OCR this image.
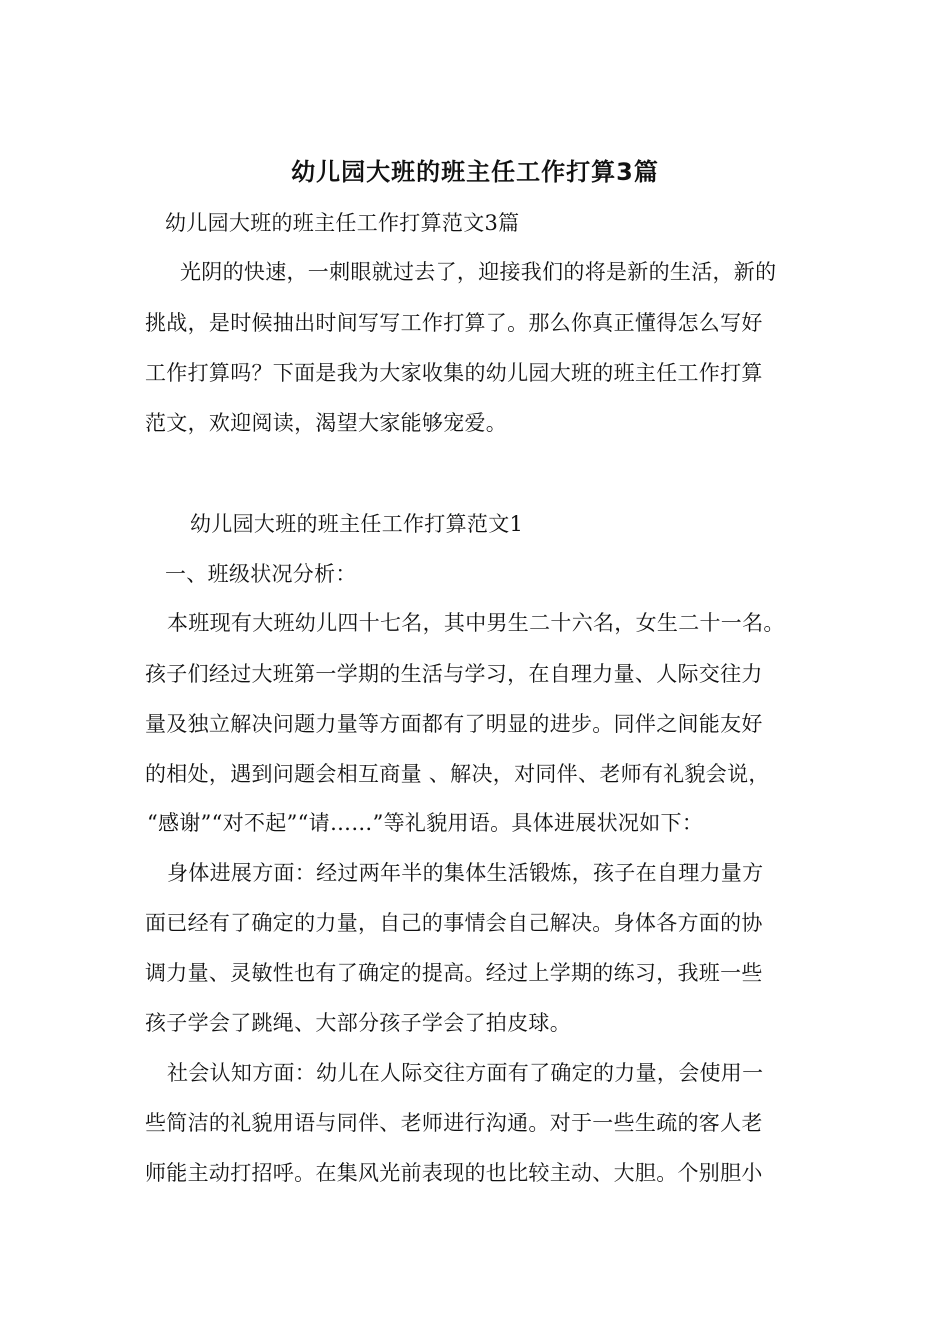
幼儿园大班的班主任工作打算3篇
幼儿园大班的班主任工作打算范文3篇
光阴的快速，一刺眼就过去了，迎接我们的将是新的生活，新的
挑战，是时候抽出时间写写工作打算了。那么你真正懂得怎么写好
工作打算吗？下面是我为大家收集的幼儿园大班的班主任工作打算
范文，欢迎阅读，渴望大家能够宠爱。
幼儿园大班的班主任工作打算范文1
一、班级状况分析：
本班现有大班幼儿四十七名，其中男生二十六名，女生二十一名。
孩子们经过大班第一学期的生活与学习，在自理力量、人际交往力
量及独立解决问题力量等方面都有了明显的进步。同伴之间能友好
的相处，遇到问题会相互商量 、解决，对同伴、老师有礼貌会说，
“感谢”“对不起”“请……”等礼貌用语。具体进展状况如下：
身体进展方面：经过两年半的集体生活锻炼，孩子在自理力量方
面已经有了确定的力量，自己的事情会自己解决。身体各方面的协
调力量、灵敏性也有了确定的提高。经过上学期的练习，我班一些
孩子学会了跳绳、大部分孩子学会了拍皮球。
社会认知方面：幼儿在人际交往方面有了确定的力量，会使用一
些简洁的礼貌用语与同伴、老师进行沟通。对于一些生疏的客人老
师能主动打招呼。在集风光前表现的也比较主动、大胆。个别胆小
